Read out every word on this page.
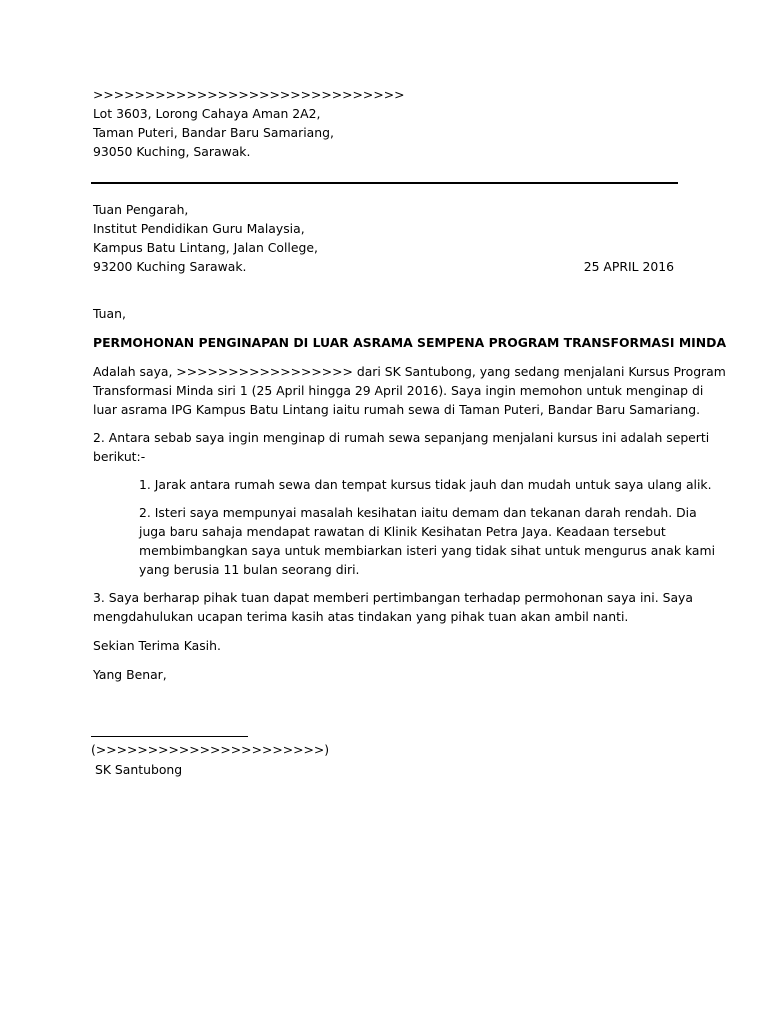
>>>>>>>>>>>>>>>>>>>>>>>>>>>>>>
Lot 3603, Lorong Cahaya Aman 2A2,
Taman Puteri, Bandar Baru Samariang,
93050 Kuching, Sarawak.
Tuan Pengarah,
Institut Pendidikan Guru Malaysia,
Kampus Batu Lintang, Jalan College,
93200 Kuching Sarawak.	25 APRIL 2016
Tuan,
PERMOHONAN PENGINAPAN DI LUAR ASRAMA SEMPENA PROGRAM TRANSFORMASI MINDA
Adalah saya, >>>>>>>>>>>>>>>>> dari SK Santubong, yang sedang menjalani Kursus Program
Transformasi Minda siri 1 (25 April hingga 29 April 2016). Saya ingin memohon untuk menginap di
luar asrama IPG Kampus Batu Lintang iaitu rumah sewa di Taman Puteri, Bandar Baru Samariang.
2. Antara sebab saya ingin menginap di rumah sewa sepanjang menjalani kursus ini adalah seperti
berikut:-
1. Jarak antara rumah sewa dan tempat kursus tidak jauh dan mudah untuk saya ulang alik.
2. Isteri saya mempunyai masalah kesihatan iaitu demam dan tekanan darah rendah. Dia
juga baru sahaja mendapat rawatan di Klinik Kesihatan Petra Jaya. Keadaan tersebut
membimbangkan saya untuk membiarkan isteri yang tidak sihat untuk mengurus anak kami
yang berusia 11 bulan seorang diri.
3. Saya berharap pihak tuan dapat memberi pertimbangan terhadap permohonan saya ini. Saya
mengdahulukan ucapan terima kasih atas tindakan yang pihak tuan akan ambil nanti.
Sekian Terima Kasih.
Yang Benar,
(>>>>>>>>>>>>>>>>>>>>>>)
SK Santubong
